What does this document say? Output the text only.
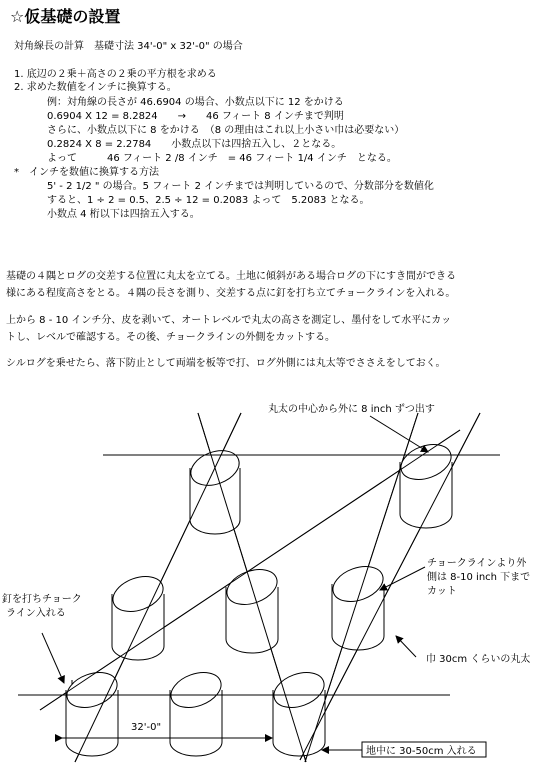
☆仮基礎の設置
対角線長の計算　基礎寸法 34'-0" x 32'-0" の場合
1. 底辺の２乗＋高さの２乗の平方根を求める
2. 求めた数値をインチに換算する。
例：対角線の長さが 46.6904 の場合、小数点以下に 12 をかける
0.6904 X 12 = 8.2824　　→　　46 フィート 8 インチまで判明
さらに、小数点以下に 8 をかける　（8 の理由はこれ以上小さい巾は必要ない）
0.2824 X 8 = 2.2784　　小数点以下は四捨五入し、２となる。
よって　　　46 フィート 2 /8 インチ　= 46 フィート 1/4 インチ　となる。
*　インチを数値に換算する方法
5' - 2 1/2 " の場合。5 フィート 2 インチまでは判明しているので、分数部分を数値化
すると、1 ÷ 2 = 0.5、2.5 ÷ 12 = 0.2083 よって　5.2083 となる。
小数点 4 桁以下は四捨五入する。
基礎の４隅とログの交差する位置に丸太を立てる。土地に傾斜がある場合ログの下にすき間ができる
様にある程度高さをとる。４隅の長さを測り、交差する点に釘を打ち立てチョークラインを入れる。
上から 8 - 10 インチ分、皮を剥いて、オートレベルで丸太の高さを測定し、墨付をして水平にカッ
トし、レベルで確認する。その後、チョークラインの外側をカットする。
シルログを乗せたら、落下防止として両端を板等で打、ログ外側には丸太等でささえをしておく。
丸太の中心から外に 8 inch ずつ出す
チョークラインより外
側は 8-10 inch 下まで
カット
巾 30cm くらいの丸太
釘を打ちチョーク
ライン入れる
32'-0"
地中に 30-50cm 入れる
